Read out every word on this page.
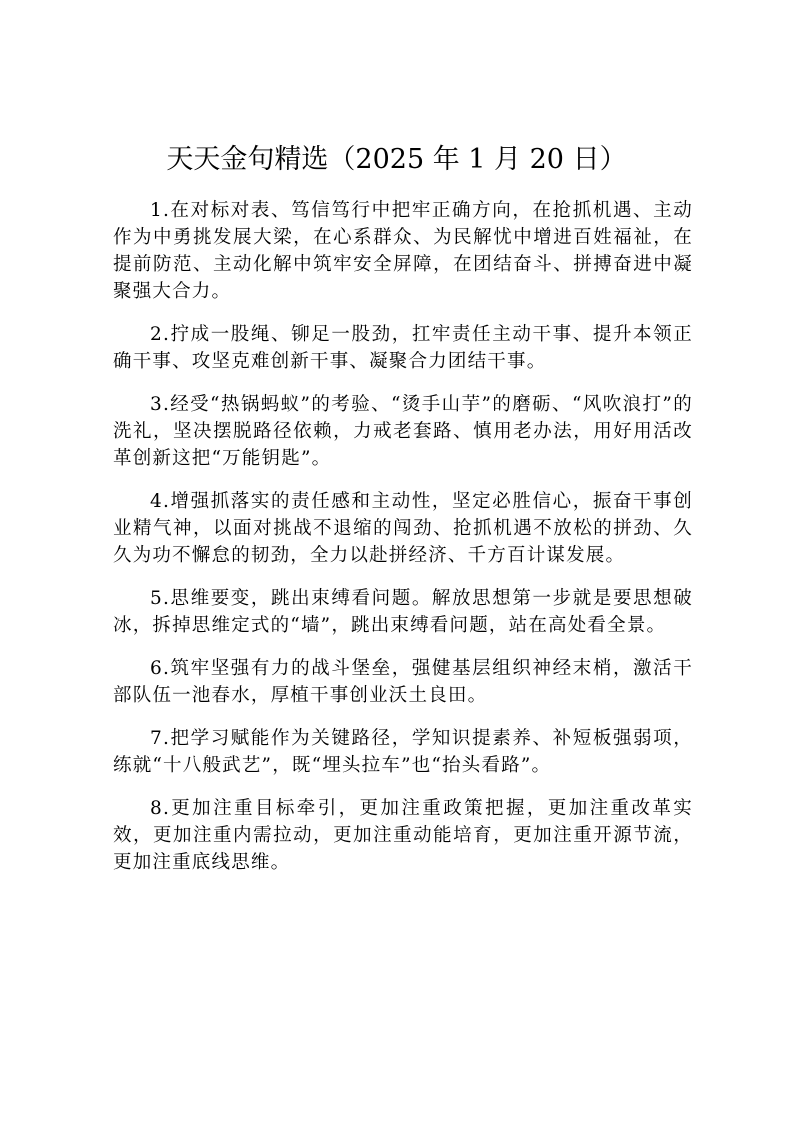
天天金句精选（2025 年 1 月 20 日）

1.在对标对表、笃信笃行中把牢正确方向，在抢抓机遇、主动作为中勇挑发展大梁，在心系群众、为民解忧中增进百姓福祉，在提前防范、主动化解中筑牢安全屏障，在团结奋斗、拼搏奋进中凝聚强大合力。

2.拧成一股绳、铆足一股劲，扛牢责任主动干事、提升本领正确干事、攻坚克难创新干事、凝聚合力团结干事。

3.经受“热锅蚂蚁”的考验、“烫手山芋”的磨砺、“风吹浪打”的洗礼，坚决摆脱路径依赖，力戒老套路、慎用老办法，用好用活改革创新这把“万能钥匙”。

4.增强抓落实的责任感和主动性，坚定必胜信心，振奋干事创业精气神，以面对挑战不退缩的闯劲、抢抓机遇不放松的拼劲、久久为功不懈怠的韧劲，全力以赴拼经济、千方百计谋发展。

5.思维要变，跳出束缚看问题。解放思想第一步就是要思想破冰，拆掉思维定式的“墙”，跳出束缚看问题，站在高处看全景。

6.筑牢坚强有力的战斗堡垒，强健基层组织神经末梢，激活干部队伍一池春水，厚植干事创业沃土良田。

7.把学习赋能作为关键路径，学知识提素养、补短板强弱项，练就“十八般武艺”，既“埋头拉车”也“抬头看路”。

8.更加注重目标牵引，更加注重政策把握，更加注重改革实效，更加注重内需拉动，更加注重动能培育，更加注重开源节流，更加注重底线思维。
